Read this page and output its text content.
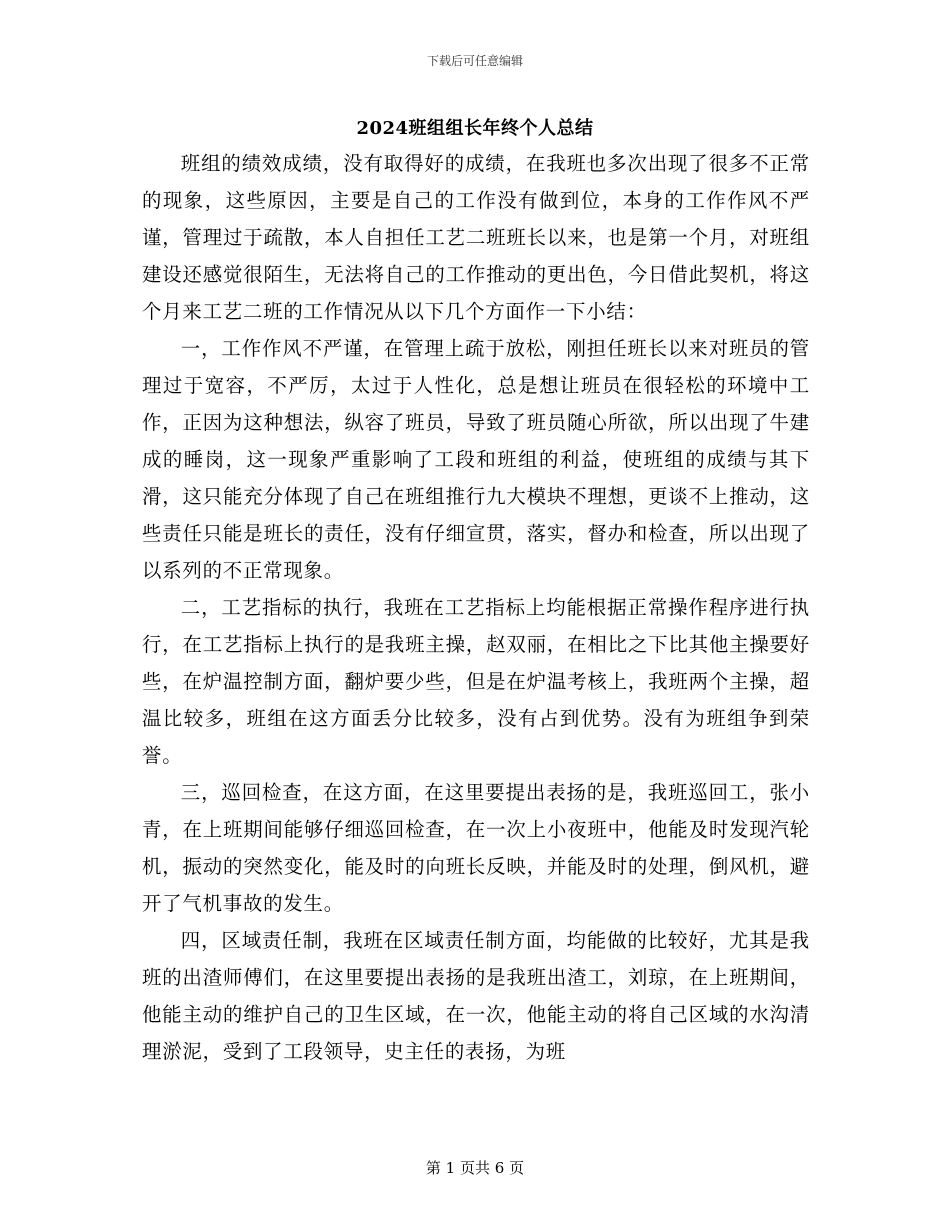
下载后可任意编辑
2024班组组长年终个人总结

班组的绩效成绩，没有取得好的成绩，在我班也多次出现了很多不正常的现象，这些原因，主要是自己的工作没有做到位，本身的工作作风不严谨，管理过于疏散，本人自担任工艺二班班长以来，也是第一个月，对班组建设还感觉很陌生，无法将自己的工作推动的更出色，今日借此契机，将这个月来工艺二班的工作情况从以下几个方面作一下小结：

一，工作作风不严谨，在管理上疏于放松，刚担任班长以来对班员的管理过于宽容，不严厉，太过于人性化，总是想让班员在很轻松的环境中工作，正因为这种想法，纵容了班员，导致了班员随心所欲，所以出现了牛建成的睡岗，这一现象严重影响了工段和班组的利益，使班组的成绩与其下滑，这只能充分体现了自己在班组推行九大模块不理想，更谈不上推动，这些责任只能是班长的责任，没有仔细宣贯，落实，督办和检查，所以出现了以系列的不正常现象。

二，工艺指标的执行，我班在工艺指标上均能根据正常操作程序进行执行，在工艺指标上执行的是我班主操，赵双丽，在相比之下比其他主操要好些，在炉温控制方面，翻炉要少些，但是在炉温考核上，我班两个主操，超温比较多，班组在这方面丢分比较多，没有占到优势。没有为班组争到荣誉。

三，巡回检查，在这方面，在这里要提出表扬的是，我班巡回工，张小青，在上班期间能够仔细巡回检查，在一次上小夜班中，他能及时发现汽轮机，振动的突然变化，能及时的向班长反映，并能及时的处理，倒风机，避开了气机事故的发生。

四，区域责任制，我班在区域责任制方面，均能做的比较好，尤其是我班的出渣师傅们，在这里要提出表扬的是我班出渣工，刘琼，在上班期间，他能主动的维护自己的卫生区域，在一次，他能主动的将自己区域的水沟清理淤泥，受到了工段领导，史主任的表扬，为班

第 1 页共 6 页
